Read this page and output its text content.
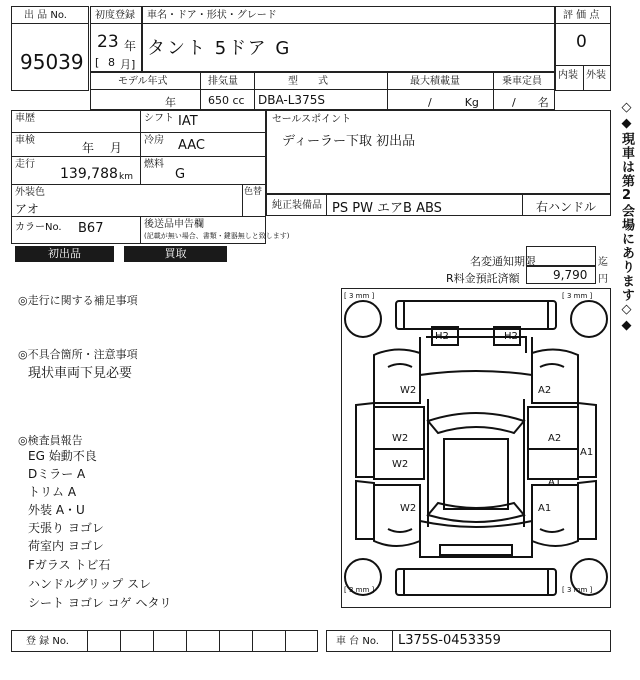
出 品 No.
95039
初度登録
23 年
[ 8 月]
車名・ドア・形状・グレード
タント 5ドア G
評 価 点
0
内装 外装
モデル年式	排気量	型　　式	最大積載量	乗車定員
年	650 cc DBA-L375S	/　　　Kg	/　　名	◇◆現車は第2会場にあります◇◆
車歴	シフト IAT
車検
年　 月
冷房 AAC
走行
139,788 km
燃料
G
外装色
アオ
色替
カラーNo. B67	後送品申告欄
(記載が無い場合、書類・鍵器無しと致します)
セールスポイント
ディーラー下取 初出品
純正装備品 PS PW エアB ABS	右ハンドル
初出品	買取
名変通知期限	迄
R料金預託済額	9,790 円
◎走行に関する補足事項
◎不具合箇所・注意事項
現状車両下見必要
◎検査員報告
EG 始動不良
Dミラー A
トリム A
外装 A・U
天張り ヨゴレ
荷室内 ヨゴレ
Fガラス トビ石
ハンドルグリップ スレ
シート ヨゴレ コゲ ヘタリ
[ 3 mm ]	[ 3 mm ]
[ 3 mm ]	[ 3 mm ]
H2	H2
W2	A2
W2	A2
A1
W2
A1
W2	A1
登 録 No.	車 台 No. L375S-0453359
